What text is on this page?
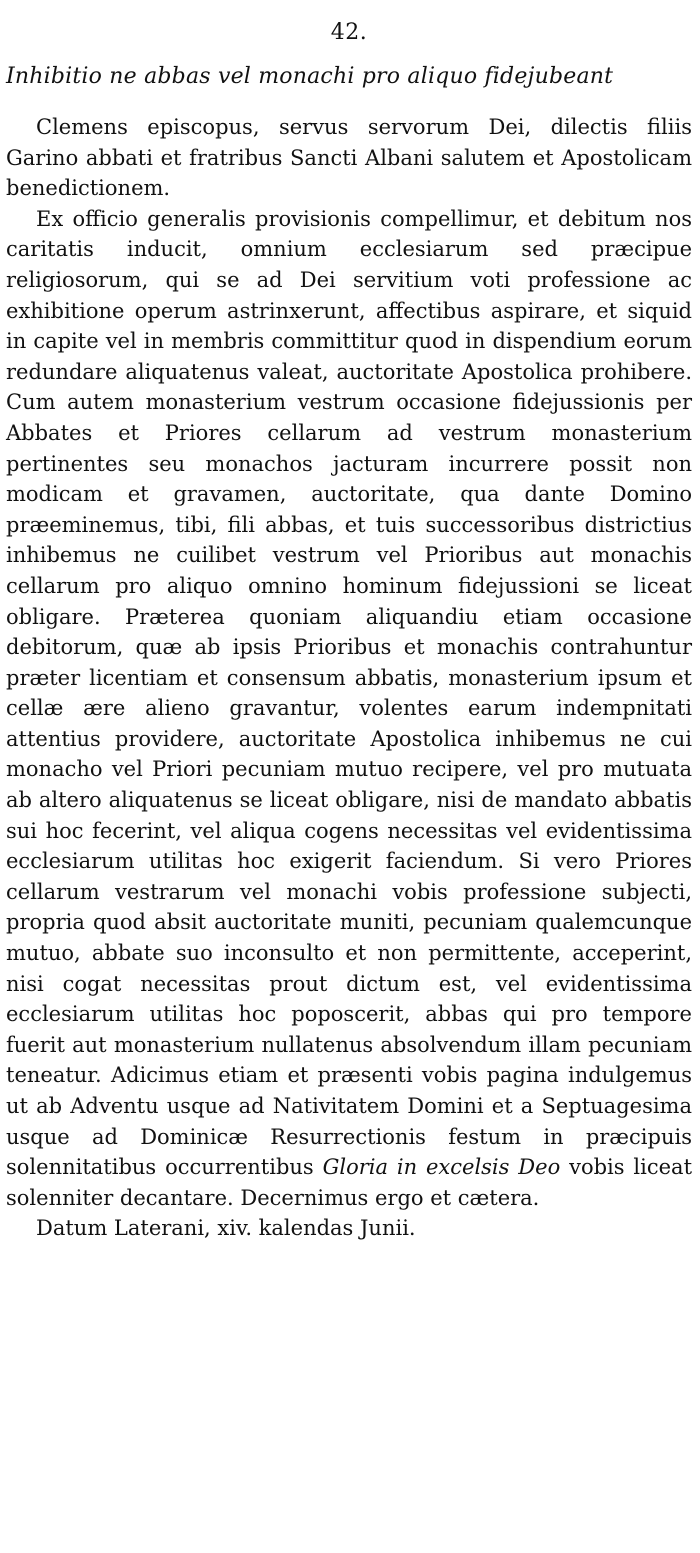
42.
Inhibitio ne abbas vel monachi pro aliquo fidejubeant

Clemens episcopus, servus servorum Dei, dilectis filiis Garino abbati et fratribus Sancti Albani salutem et Apostolicam benedictionem.

Ex officio generalis provisionis compellimur, et debitum nos caritatis inducit, omnium ecclesiarum sed præcipue religiosorum, qui se ad Dei servitium voti professione ac exhibitione operum astrinxerunt, affectibus aspirare, et siquid in capite vel in membris committitur quod in dispendium eorum redundare aliquatenus valeat, auctoritate Apostolica prohibere. Cum autem monasterium vestrum occasione fidejussionis per Abbates et Priores cellarum ad vestrum monasterium pertinentes seu monachos jacturam incurrere possit non modicam et gravamen, auctoritate, qua dante Domino præeminemus, tibi, fili abbas, et tuis successoribus districtius inhibemus ne cuilibet vestrum vel Prioribus aut monachis cellarum pro aliquo omnino hominum fidejussioni se liceat obligare. Præterea quoniam aliquandiu etiam occasione debitorum, quæ ab ipsis Prioribus et monachis contrahuntur præter licentiam et consensum abbatis, monasterium ipsum et cellæ ære alieno gravantur, volentes earum indempnitati attentius providere, auctoritate Apostolica inhibemus ne cui monacho vel Priori pecuniam mutuo recipere, vel pro mutuata ab altero aliquatenus se liceat obligare, nisi de mandato abbatis sui hoc fecerint, vel aliqua cogens necessitas vel evidentissima ecclesiarum utilitas hoc exigerit faciendum. Si vero Priores cellarum vestrarum vel monachi vobis professione subjecti, propria quod absit auctoritate muniti, pecuniam qualemcunque mutuo, abbate suo inconsulto et non permittente, acceperint, nisi cogat necessitas prout dictum est, vel evidentissima ecclesiarum utilitas hoc poposcerit, abbas qui pro tempore fuerit aut monasterium nullatenus absolvendum illam pecuniam teneatur. Adicimus etiam et præsenti vobis pagina indulgemus ut ab Adventu usque ad Nativitatem Domini et a Septuagesima usque ad Dominicæ Resurrectionis festum in præcipuis solennitatibus occurrentibus Gloria in excelsis Deo vobis liceat solenniter decantare. Decernimus ergo et cætera.

Datum Laterani, xiv. kalendas Junii.
